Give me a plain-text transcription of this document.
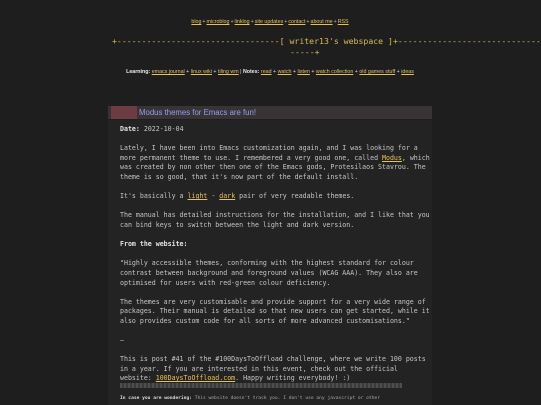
blog+microblog+linklog+site updates+contact+about me+RSS
+---------------------------------[ writer13's webspace ]+-----------------------------
-----+
Learning: emacs journal + linux wiki + tiling wm | Notes: read + watch + listen + watch collection + old games stuff + ideas
Modus themes for Emacs are fun!

Date: 2022-10-04

Lately, I have been into Emacs customization again, and I was looking for a more permanent theme to use. I remembered a very good one, called Modus, which was created by non other then one of the Emacs gods, Protesilaos Stavrou. The theme is so good, that it's now part of the default install.

It's basically a light - dark pair of very readable themes.

The manual has detailed instructions for the installation, and I like that you can bind keys to switch between the light and dark version.

From the website:

"Highly accessible themes, conforming with the highest standard for colour contrast between background and foreground values (WCAG AAA). They also are optimised for users with red-green colour deficiency.

The themes are very customisable and provide support for a very wide range of packages. Their manual is detailed so that new users can get started, while it also provides custom code for all sorts of more advanced customisations."

—

This is post #41 of the #100DaysToOffload challenge, where we write 100 posts in a year. If you are interested in this event, check out the official website: 100DaysToOffload.com. Happy writing everybody! :)

In case you are wondering: This website doesn't track you. I don't use any javascript or other
